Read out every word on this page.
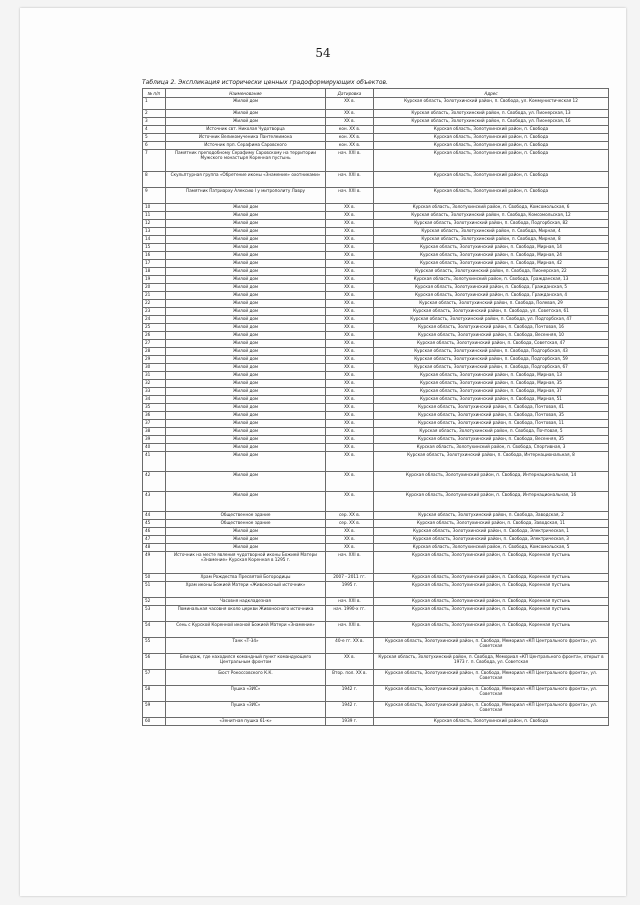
54
Таблица 2. Экспликация исторически ценных градоформирующих объектов.
№ п/п	Наименование	Датировка	Адрес
1	Жилой дом	XX в.	Курская область, Золотухинский район, п. Свобода, ул. Коммунистическая 12
2	Жилой дом	XX в.	Курская область, Золотухинский район, п. Свобода, ул. Пионерская, 13
3	Жилой дом	XX в.	Курская область, Золотухинский район, п. Свобода, ул. Пионерская, 16
4	Источник свт. Николая Чудотворца	кон. XX в.	Курская область, Золотухинский район, п. Свобода
5	Источник Великомученика Пантелеимона	кон. XX в.	Курская область, Золотухинский район, п. Свобода
6	Источник прп. Серафима Саровского	кон. XX в.	Курская область, Золотухинский район, п. Свобода
7	Памятник преподобному Серафиму Саровскому на территории Мужского монастыря Коренная пустынь	нач. XXI в.	Курская область, Золотухинский район, п. Свобода
8	Скульптурная группа «Обретение иконы «Знамение» охотниками»	нач. XXI в.	Курская область, Золотухинский район, п. Свобода
9	Памятник Патриарху Алексию I у митрополиту Лавру	нач. XXI в.	Курская область, Золотухинский район, п. Свобода
10	Жилой дом	XX в.	Курская область, Золотухинский район, п. Свобода, Комсомольская, 6
11	Жилой дом	XX в.	Курская область, Золотухинский район, п. Свобода, Комсомольская, 12
12	Жилой дом	XX в.	Курская область, Золотухинский район, п. Свобода, Подгорбская, 82
13	Жилой дом	XX в.	Курская область, Золотухинский район, п. Свобода, Мирная, 4
14	Жилой дом	XX в.	Курская область, Золотухинский район, п. Свобода, Мирная, 8
15	Жилой дом	XX в.	Курская область, Золотухинский район, п. Свобода, Мирная, 14
16	Жилой дом	XX в.	Курская область, Золотухинский район, п. Свобода, Мирная, 24
17	Жилой дом	XX в.	Курская область, Золотухинский район, п. Свобода, Мирная, 42
18	Жилой дом	XX в.	Курская область, Золотухинский район, п. Свобода, Пионерская, 22
19	Жилой дом	XX в.	Курская область, Золотухинский район, п. Свобода, Гражданская, 13
20	Жилой дом	XX в.	Курская область, Золотухинский район, п. Свобода, Гражданская, 5
21	Жилой дом	XX в.	Курская область, Золотухинский район, п. Свобода, Гражданская, 4
22	Жилой дом	XX в.	Курская область, Золотухинский район, п. Свобода, Полевая, 29
23	Жилой дом	XX в.	Курская область, Золотухинский район, п. Свобода, ул. Советская, 61
24	Жилой дом	XX в.	Курская область, Золотухинский район, п. Свобода, ул. Подгорбская, 47
25	Жилой дом	XX в.	Курская область, Золотухинский район, п. Свобода, Почтовая, 16
26	Жилой дом	XX в.	Курская область, Золотухинский район, п. Свобода, Весенняя, 10
27	Жилой дом	XX в.	Курская область, Золотухинский район, п. Свобода, Советская, 47
28	Жилой дом	XX в.	Курская область, Золотухинский район, п. Свобода, Подгорбская, 43
29	Жилой дом	XX в.	Курская область, Золотухинский район, п. Свобода, Подгорбская, 59
30	Жилой дом	XX в.	Курская область, Золотухинский район, п. Свобода, Подгорбская, 67
31	Жилой дом	XX в.	Курская область, Золотухинский район, п. Свобода, Мирная, 13
32	Жилой дом	XX в.	Курская область, Золотухинский район, п. Свобода, Мирная, 35
33	Жилой дом	XX в.	Курская область, Золотухинский район, п. Свобода, Мирная, 37
34	Жилой дом	XX в.	Курская область, Золотухинский район, п. Свобода, Мирная, 51
35	Жилой дом	XX в.	Курская область, Золотухинский район, п. Свобода, Почтовая, 41
36	Жилой дом	XX в.	Курская область, Золотухинский район, п. Свобода, Почтовая, 35
37	Жилой дом	XX в.	Курская область, Золотухинский район, п. Свобода, Почтовая, 11
38	Жилой дом	XX в.	Курская область, Золотухинский район, п. Свобода, Почтовая, 5
39	Жилой дом	XX в.	Курская область, Золотухинский район, п. Свобода, Весенняя, 35
40	Жилой дом	XX в.	Курская область, Золотухинский район, п. Свобода, Спортивная, 3
41	Жилой дом	XX в.	Курская область, Золотухинский район, п. Свобода, Интернациональная, 8
42	Жилой дом	XX в.	Курская область, Золотухинский район, п. Свобода, Интернациональная, 14
43	Жилой дом	XX в.	Курская область, Золотухинский район, п. Свобода, Интернациональная, 16
44	Общественное здание	сер. XX в.	Курская область, Золотухинский район, п. Свобода, Заводская, 2
45	Общественное здание	сер. XX в.	Курская область, Золотухинский район, п. Свобода, Заводская, 11
46	Жилой дом	XX в.	Курская область, Золотухинский район, п. Свобода, Электрическая, 1
47	Жилой дом	XX в.	Курская область, Золотухинский район, п. Свобода, Электрическая, 3
48	Жилой дом	XX в.	Курская область, Золотухинский район, п. Свобода, Комсомольская, 5
49	Источник на месте явления чудотворной иконы Божией Матери «Знамение» Курская Коренная в 1295 г.	нач. XXI в.	Курская область, Золотухинский район, п. Свобода, Коренная пустынь
50	Храм Рождества Пресвятой Богородицы	2007 - 2011 гг.	Курская область, Золотухинский район, п. Свобода, Коренная пустынь
51	Храм иконы Божией Матери «Живоносный источник»	1995 г.	Курская область, Золотухинский район, п. Свобода, Коренная пустынь
52	Часовня надкладезная	нач. XXI в.	Курская область, Золотухинский район, п. Свобода, Коренная пустынь
53	Поминальная часовня около церкви Живоносного источника	нач. 1990-х гг.	Курская область, Золотухинский район, п. Свобода, Коренная пустынь
54	Сень с Курской Коренной иконой Божией Матери «Знамение»	нач. XXI в.	Курская область, Золотухинский район, п. Свобода, Коренная пустынь
55	Танк «Т-34»	40-е гг. XX в.	Курская область, Золотухинский район, п. Свобода, Мемориал «КП Центрального фронта», ул. Советская
56	Блиндаж, где находился командный пункт командующего Центральным фронтом	XX в.	Курская область, Золотухинский район, п. Свобода, Мемориал «КП Центрального фронта», открыт в 1973 г. п. Свобода, ул. Советская
57	Бюст Рокоссовского К.К.	Втор. пол. XX в.	Курская область, Золотухинский район, п. Свобода, Мемориал «КП Центрального фронта», ул. Советская
58	Пушка «ЗИС»	1942 г.	Курская область, Золотухинский район, п. Свобода, Мемориал «КП Центрального фронта», ул. Советская
59	Пушка «ЗИС»	1942 г.	Курская область, Золотухинский район, п. Свобода, Мемориал «КП Центрального фронта», ул. Советская
60	«Зенитная пушка 61-к»	1939 г.	Курская область, Золотухинский район, п. Свобода
